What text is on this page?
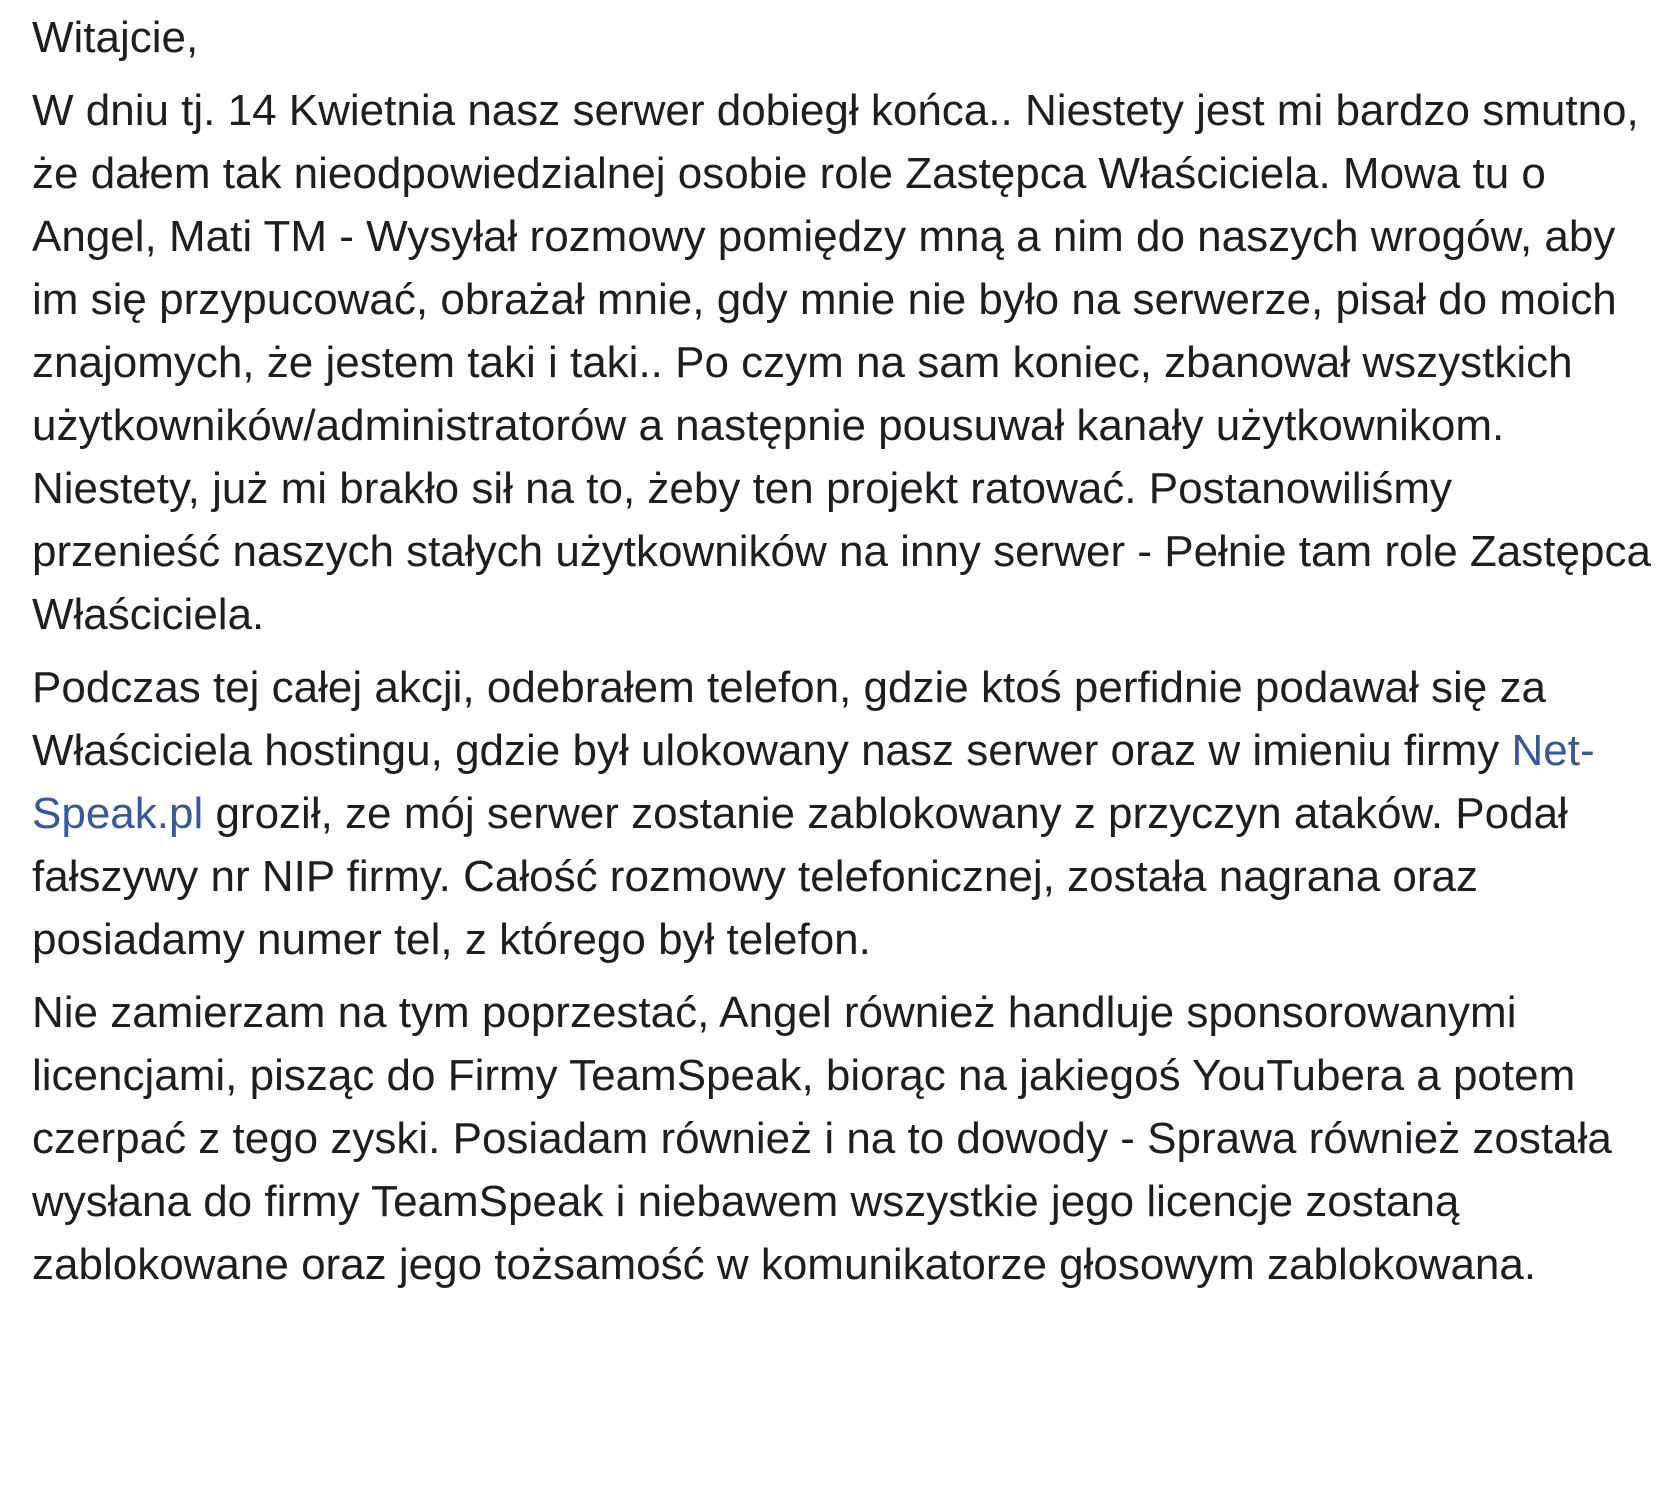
Witajcie,

W dniu tj. 14 Kwietnia nasz serwer dobiegł końca.. Niestety jest mi bardzo smutno, że dałem tak nieodpowiedzialnej osobie role Zastępca Właściciela. Mowa tu o Angel, Mati TM - Wysyłał rozmowy pomiędzy mną a nim do naszych wrogów, aby im się przypucować, obrażał mnie, gdy mnie nie było na serwerze, pisał do moich znajomych, że jestem taki i taki.. Po czym na sam koniec, zbanował wszystkich użytkowników/administratorów a następnie pousuwał kanały użytkownikom. Niestety, już mi brakło sił na to, żeby ten projekt ratować. Postanowiliśmy przenieść naszych stałych użytkowników na inny serwer - Pełnie tam role Zastępca Właściciela.

Podczas tej całej akcji, odebrałem telefon, gdzie ktoś perfidnie podawał się za Właściciela hostingu, gdzie był ulokowany nasz serwer oraz w imieniu firmy Net-Speak.pl groził, ze mój serwer zostanie zablokowany z przyczyn ataków. Podał fałszywy nr NIP firmy. Całość rozmowy telefonicznej, została nagrana oraz posiadamy numer tel, z którego był telefon.

Nie zamierzam na tym poprzestać, Angel również handluje sponsorowanymi licencjami, pisząc do Firmy TeamSpeak, biorąc na jakiegoś YouTubera a potem czerpać z tego zyski. Posiadam również i na to dowody - Sprawa również została wysłana do firmy TeamSpeak i niebawem wszystkie jego licencje zostaną zablokowane oraz jego tożsamość w komunikatorze głosowym zablokowana.
